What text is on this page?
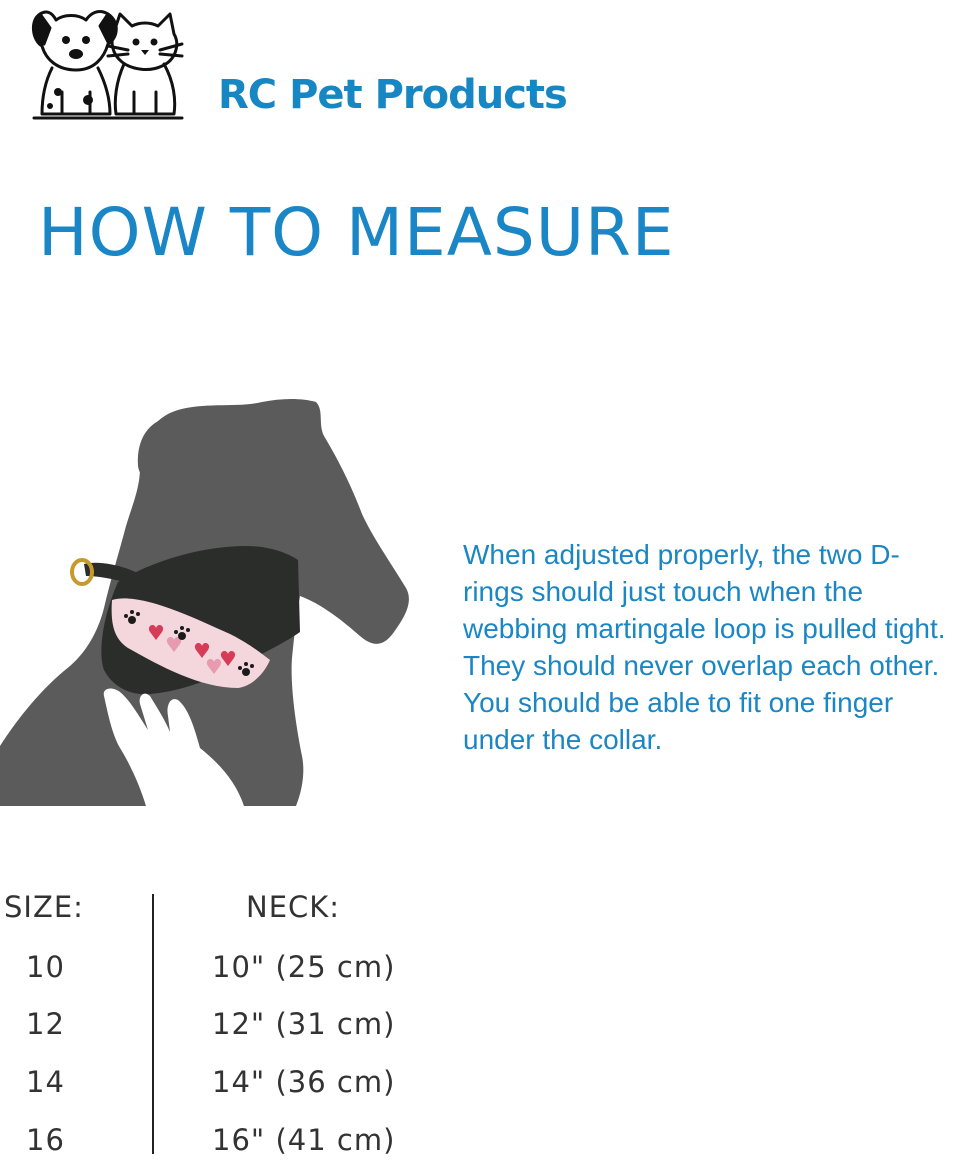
RC Pet Products
HOW TO MEASURE

When adjusted properly, the two D-rings should just touch when the webbing martingale loop is pulled tight. They should never overlap each other. You should be able to fit one finger under the collar.

SIZE:	NECK:
10	10" (25 cm)
12	12" (31 cm)
14	14" (36 cm)
16	16" (41 cm)
